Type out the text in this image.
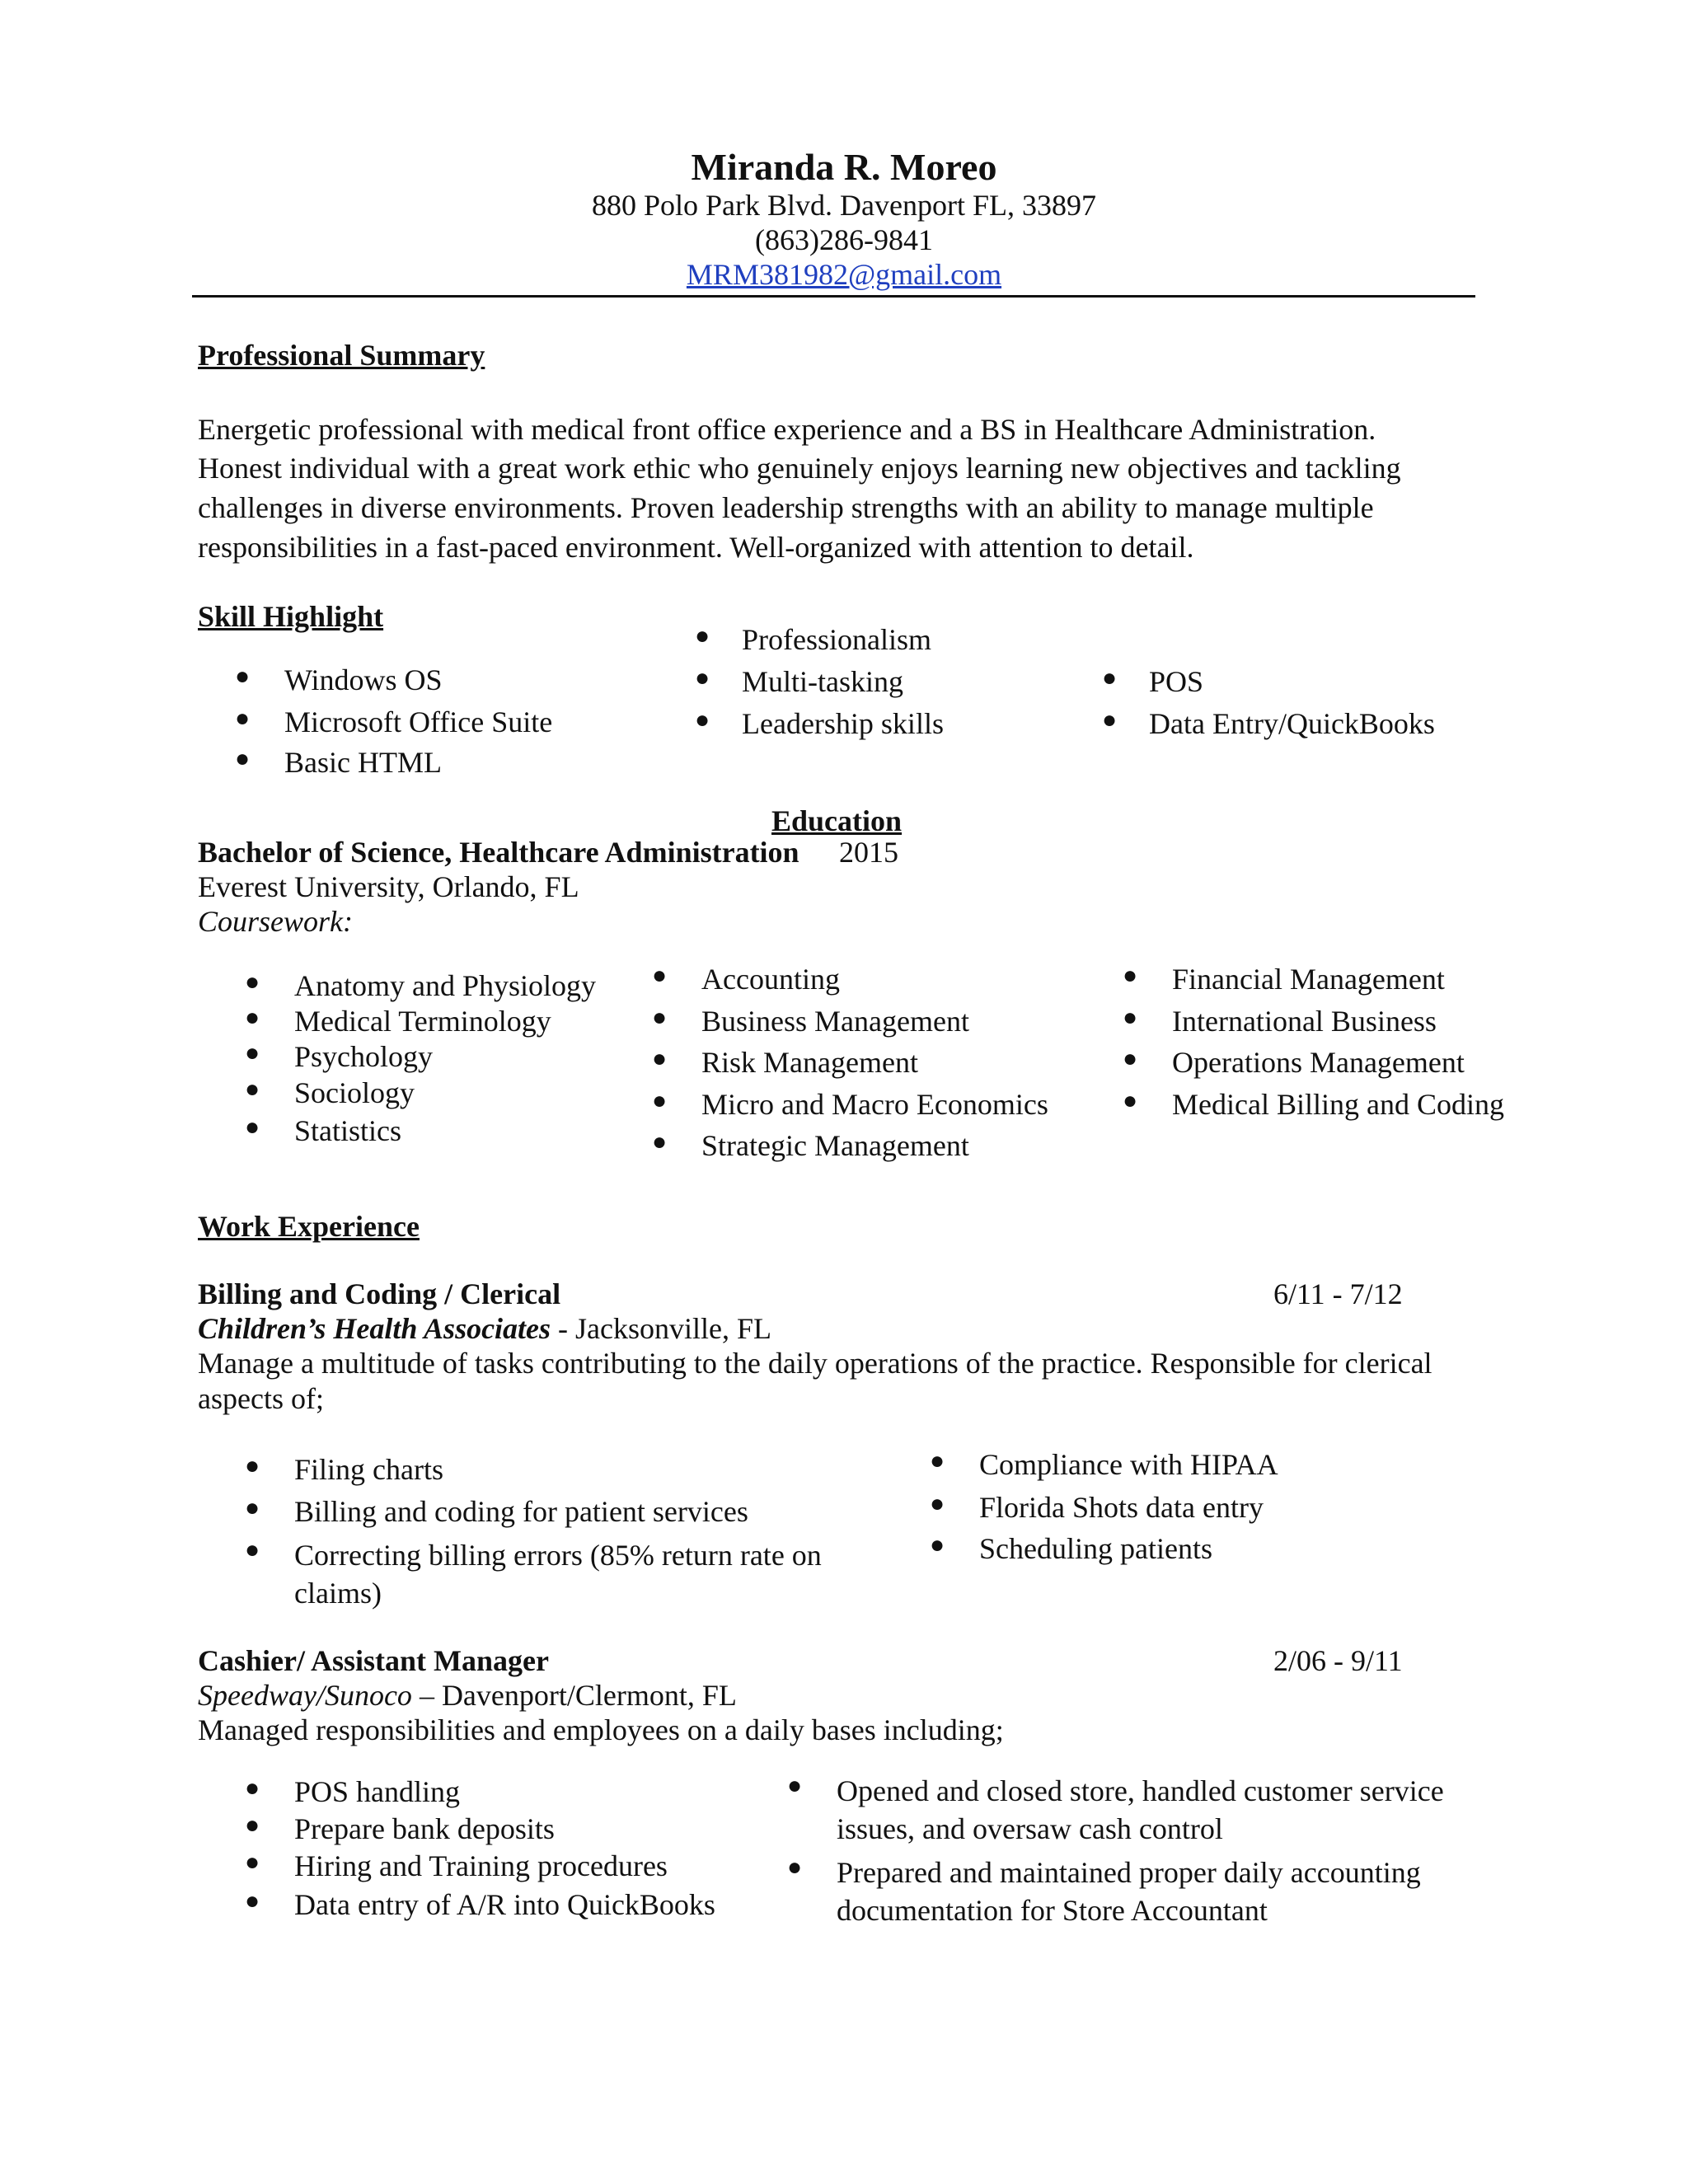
Miranda R. Moreo
880 Polo Park Blvd. Davenport FL, 33897
(863)286-9841
MRM381982@gmail.com
Professional Summary
Energetic professional with medical front office experience and a BS in Healthcare Administration.
Honest individual with a great work ethic who genuinely enjoys learning new objectives and tackling
challenges in diverse environments. Proven leadership strengths with an ability to manage multiple
responsibilities in a fast-paced environment. Well-organized with attention to detail.
Skill Highlight
● Windows OS
● Microsoft Office Suite
● Basic HTML
● Professionalism
● Multi-tasking
● Leadership skills
● POS
● Data Entry/QuickBooks
Education
Bachelor of Science, Healthcare Administration 2015
Everest University, Orlando, FL
Coursework:
● Anatomy and Physiology
● Medical Terminology
● Psychology
● Sociology
● Statistics
● Accounting
● Business Management
● Risk Management
● Micro and Macro Economics
● Strategic Management
● Financial Management
● International Business
● Operations Management
● Medical Billing and Coding
Work Experience
Billing and Coding / Clerical	6/11 - 7/12
Children’s Health Associates - Jacksonville, FL
Manage a multitude of tasks contributing to the daily operations of the practice. Responsible for clerical
aspects of;
● Filing charts
● Billing and coding for patient services
● Correcting billing errors (85% return rate on claims)
● Compliance with HIPAA
● Florida Shots data entry
● Scheduling patients
Cashier/ Assistant Manager	2/06 - 9/11
Speedway/Sunoco – Davenport/Clermont, FL
Managed responsibilities and employees on a daily bases including;
● POS handling
● Prepare bank deposits
● Hiring and Training procedures
● Data entry of A/R into QuickBooks
● Opened and closed store, handled customer service issues, and oversaw cash control
● Prepared and maintained proper daily accounting documentation for Store Accountant
